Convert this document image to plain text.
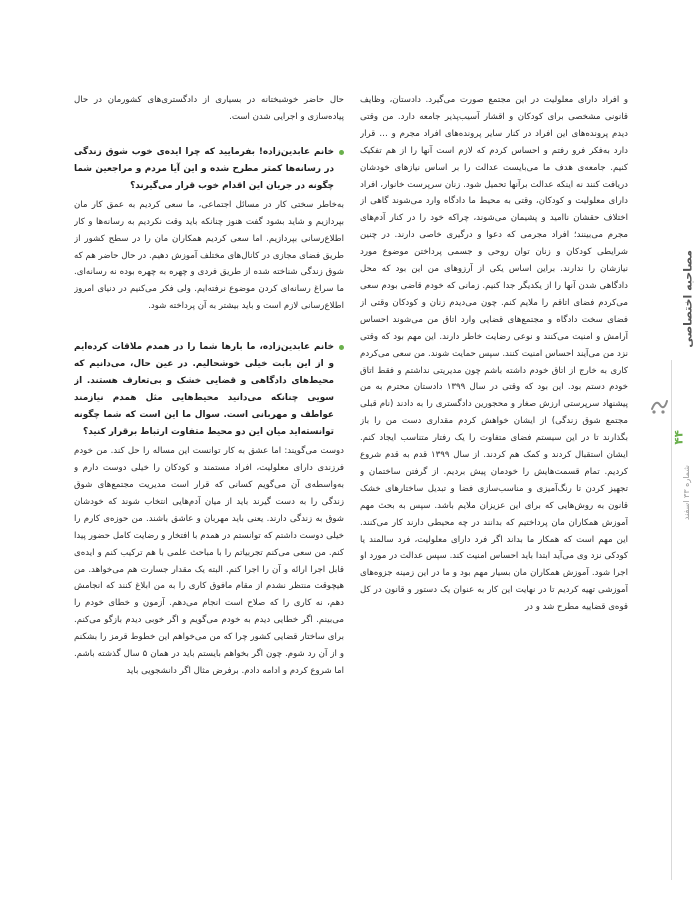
مصاحبه اختصاصی
۴۴
شماره ۳۳ اسفند

و افراد دارای معلولیت در این مجتمع صورت می‌گیرد. دادستان، وظایف قانونی مشخصی برای کودکان و اقشار آسیب‌پذیر جامعه دارد. من وقتی دیدم پرونده‌های این افراد در کنار سایر پرونده‌های افراد مجرم و … قرار دارد به‌فکر فرو رفتم و احساس کردم که لازم است آنها را از هم تفکیک کنیم. جامعه‌ی هدف ما می‌بایست عدالت را بر اساس نیازهای خودشان دریافت کنند نه اینکه عدالت برآنها تحمیل شود. زنان سرپرست خانوار، افراد دارای معلولیت و کودکان، وقتی به محیط ما دادگاه وارد می‌شوند گاهی از اختلاف حقشان ناامید و پشیمان می‌شوند، چراکه خود را در کنار آدم‌های مجرم می‌بینند؛ افراد مجرمی که دعوا و درگیری خاصی دارند. در چنین شرایطی کودکان و زنان توان روحی و جسمی پرداختن موضوع مورد نیازشان را ندارند. براین اساس یکی از آرزوهای من این بود که محل دادگاهی شدن آنها را از یکدیگر جدا کنیم. زمانی که خودم قاضی بودم سعی می‌کردم فضای اتاقم را ملایم کنم. چون می‌دیدم زنان و کودکان وقتی از فضای سخت دادگاه و مجتمع‌های قضایی وارد اتاق من می‌شوند احساس آرامش و امنیت می‌کنند و نوعی رضایت خاطر دارند. این مهم بود که وقتی نزد من می‌آیند احساس امنیت کنند. سپس حمایت شوند. من سعی می‌کردم کاری به خارج از اتاق خودم داشته باشم چون مدیریتی نداشتم و فقط اتاق خودم دستم بود. این بود که وقتی در سال ۱۳۹۹ دادستان محترم به من پیشنهاد سرپرستی ارزش صغار و محجورین دادگستری را به دادند (نام قبلی مجتمع شوق زندگی) از ایشان خواهش کردم مقداری دست من را باز بگذارند تا در این سیستم فضای متفاوت را یک رفتار متناسب ایجاد کنم. ایشان استقبال کردند و کمک هم کردند. از سال ۱۳۹۹ قدم به قدم شروع کردیم. تمام قسمت‌هایش را خودمان پیش بردیم. از گرفتن ساختمان و تجهیز کردن تا رنگ‌آمیزی و مناسب‌سازی فضا و تبدیل ساختارهای خشک قانون به روش‌هایی که برای این عزیزان ملایم باشد. سپس به بحث مهم آموزش همکاران مان پرداختیم که بدانند در چه محیطی دارند کار می‌کنند. این مهم است که همکار ما بداند اگر فرد دارای معلولیت، فرد سالمند یا کودکی نزد وی می‌آید ابتدا باید احساس امنیت کند. سپس عدالت در مورد او اجرا شود. آموزش همکاران مان بسیار مهم بود و ما در این زمینه جزوه‌های آموزشی تهیه کردیم تا در نهایت این کار به عنوان یک دستور و قانون در کل قوه‌ی قضاییه مطرح شد و در

حال حاضر خوشبختانه در بسیاری از دادگستری‌های کشورمان در حال پیاده‌سازی و اجرایی شدن است.

خانم عابدین‌زاده! بفرمایید که چرا ایده‌ی خوب شوق زندگی در رسانه‌ها کمتر مطرح شده و این آیا مردم و مراجعین شما چگونه در جریان این اقدام خوب قرار می‌گیرند؟

به‌خاطر سختی کار در مسائل اجتماعی، ما سعی کردیم به عمق کار مان بپردازیم و شاید بشود گفت هنوز چنانکه باید وقت نکردیم به رسانه‌ها و کار اطلاع‌رسانی بپردازیم. اما سعی کردیم همکاران مان را در سطح کشور از طریق فضای مجازی در کانال‌های مختلف آموزش دهیم. در حال حاضر هم که شوق زندگی شناخته شده از طریق فردی و چهره به چهره بوده نه رسانه‌ای. ما سراغ رسانه‌ای کردن موضوع نرفته‌ایم. ولی فکر می‌کنیم در دنیای امروز اطلاع‌رسانی لازم است و باید بیشتر به آن پرداخته شود.

خانم عابدین‌زاده، ما بارها شما را در همدم ملاقات کرده‌ایم و از این بابت خیلی خوشحالیم. در عین حال، می‌دانیم که محیط‌های دادگاهی و قضایی خشک و بی‌تعارف هستند. از سویی چنانکه می‌دانید محیط‌هایی مثل همدم نیازمند عواطف و مهربانی است. سوال ما این است که شما چگونه توانسته‌اید میان این دو محیط متفاوت ارتباط برقرار کنید؟

دوست می‌گویند: اما عشق به کار توانست این مساله را حل کند. من خودم فرزندی دارای معلولیت، افراد مستمند و کودکان را خیلی دوست دارم و به‌واسطه‌ی آن می‌گویم کسانی که قرار است مدیریت مجتمع‌های شوق زندگی را به دست گیرند باید از میان آدم‌هایی انتخاب شوند که خودشان شوق به زندگی دارند. یعنی باید مهربان و عاشق باشند. من حوزه‌ی کارم را خیلی دوست داشتم که توانستم در همدم با افتخار و رضایت کامل حضور پیدا کنم. من سعی می‌کنم تجربیاتم را با مباحث علمی با هم ترکیب کنم و ایده‌ی قابل اجرا ارائه و آن را اجرا کنم. البته یک مقدار جسارت هم می‌خواهد. من هیچوقت منتظر نشدم از مقام مافوق کاری را به من ابلاغ کنند که انجامش دهم، نه کاری را که صلاح است انجام می‌دهم. آزمون و خطای خودم را می‌بینم. اگر خطایی دیدم به خودم می‌گویم و اگر خوبی دیدم بازگو می‌کنم. برای ساختار قضایی کشور چرا که من می‌خواهم این خطوط قرمز را بشکنم و از آن رد شوم. چون اگر بخواهم بایستم باید در همان ۵ سال گذشته باشم. اما شروع کردم و ادامه دادم. برفرض مثال اگر دانشجویی باید
